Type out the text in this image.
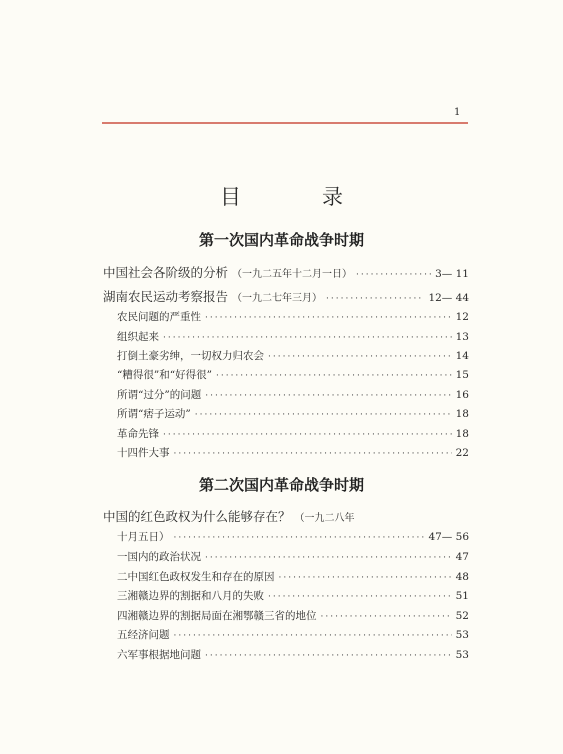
1
目　录
第一次国内革命战争时期
中国社会各阶级的分析 （一九二五年十二月一日） ·····	3— 11
湖南农民运动考察报告 （一九二七年三月） ·····	12— 44
农民问题的严重性 ·····	12
组织起来 ·····	13
打倒土豪劣绅，一切权力归农会 ·····	14
“糟得很”和“好得很” ·····	15
所谓“过分”的问题 ·····	16
所谓“痞子运动” ·····	18
革命先锋 ·····	18
十四件大事 ·····	22
第二次国内革命战争时期
中国的红色政权为什么能够存在？ （一九二八年
十月五日） ·····	47— 56
一 国内的政治状况 ·····	47
二 中国红色政权发生和存在的原因 ·····	48
三 湘赣边界的割据和八月的失败 ·····	51
四 湘赣边界的割据局面在湘鄂赣三省的地位 ·····	52
五 经济问题 ·····	53
六 军事根据地问题 ·····	53
